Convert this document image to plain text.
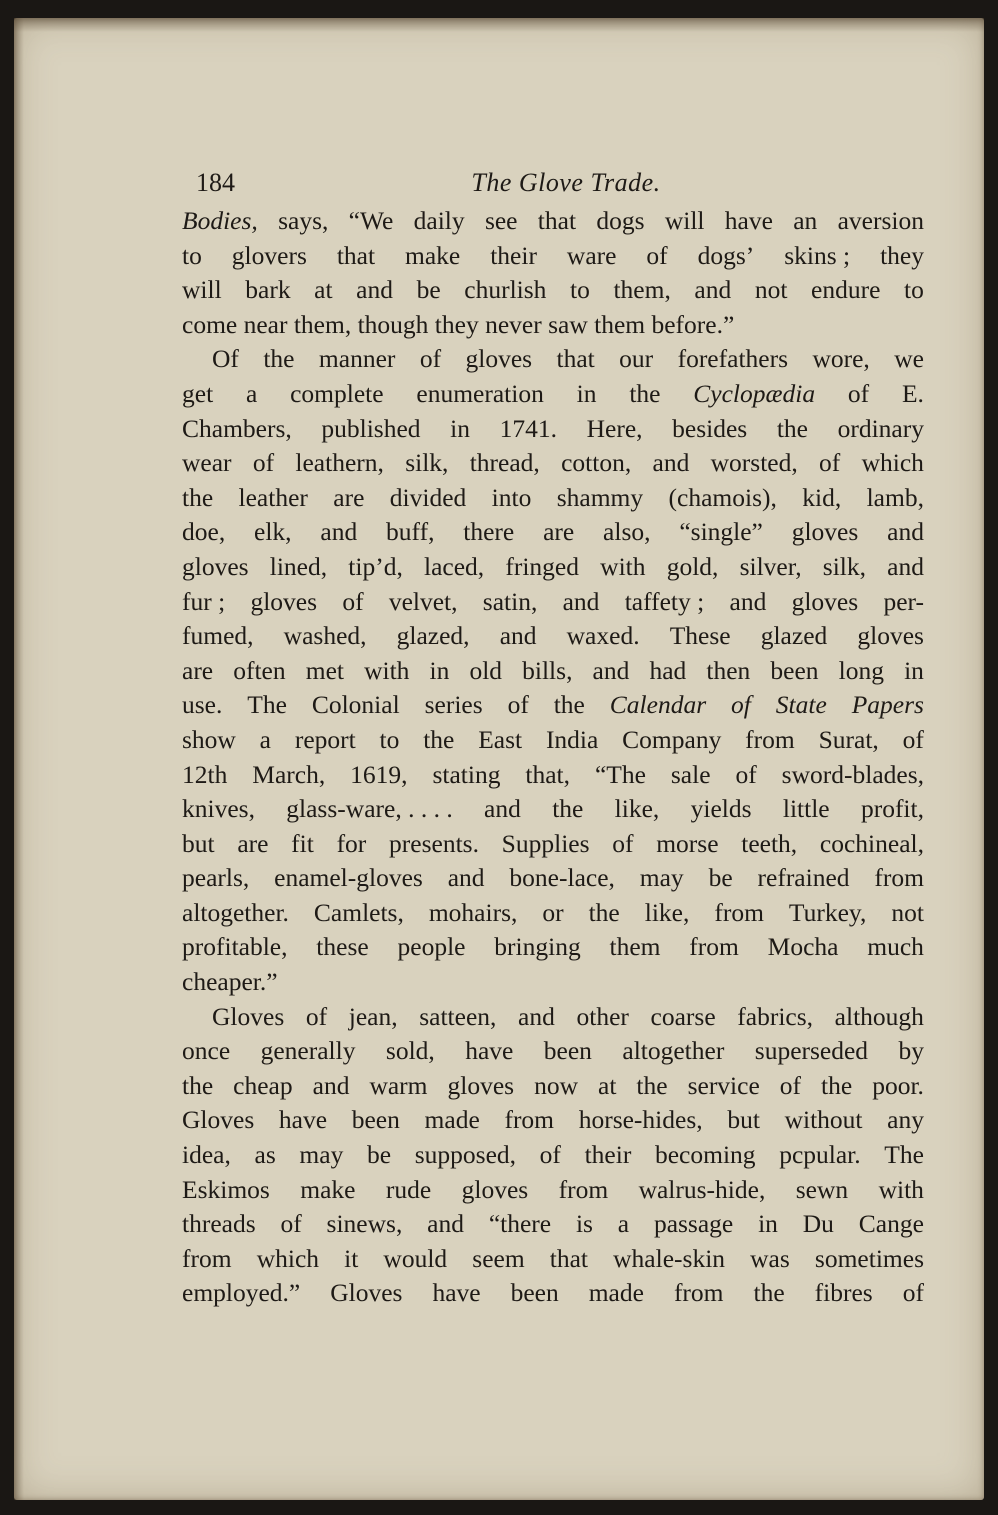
184	The Glove Trade.
Bodies, says, “We daily see that dogs will have an aversion
to glovers that make their ware of dogs’ skins ; they
will bark at and be churlish to them, and not endure to
come near them, though they never saw them before.”
Of the manner of gloves that our forefathers wore, we
get a complete enumeration in the Cyclopædia of E.
Chambers, published in 1741. Here, besides the ordinary
wear of leathern, silk, thread, cotton, and worsted, of which
the leather are divided into shammy (chamois), kid, lamb,
doe, elk, and buff, there are also, “single” gloves and
gloves lined, tip’d, laced, fringed with gold, silver, silk, and
fur ; gloves of velvet, satin, and taffety ; and gloves per-
fumed, washed, glazed, and waxed. These glazed gloves
are often met with in old bills, and had then been long in
use. The Colonial series of the Calendar of State Papers
show a report to the East India Company from Surat, of
12th March, 1619, stating that, “The sale of sword-blades,
knives, glass-ware, . . . . and the like, yields little profit,
but are fit for presents. Supplies of morse teeth, cochineal,
pearls, enamel-gloves and bone-lace, may be refrained from
altogether. Camlets, mohairs, or the like, from Turkey, not
profitable, these people bringing them from Mocha much
cheaper.”
Gloves of jean, satteen, and other coarse fabrics, although
once generally sold, have been altogether superseded by
the cheap and warm gloves now at the service of the poor.
Gloves have been made from horse-hides, but without any
idea, as may be supposed, of their becoming pcpular. The
Eskimos make rude gloves from walrus-hide, sewn with
threads of sinews, and “there is a passage in Du Cange
from which it would seem that whale-skin was sometimes
employed.” Gloves have been made from the fibres of
